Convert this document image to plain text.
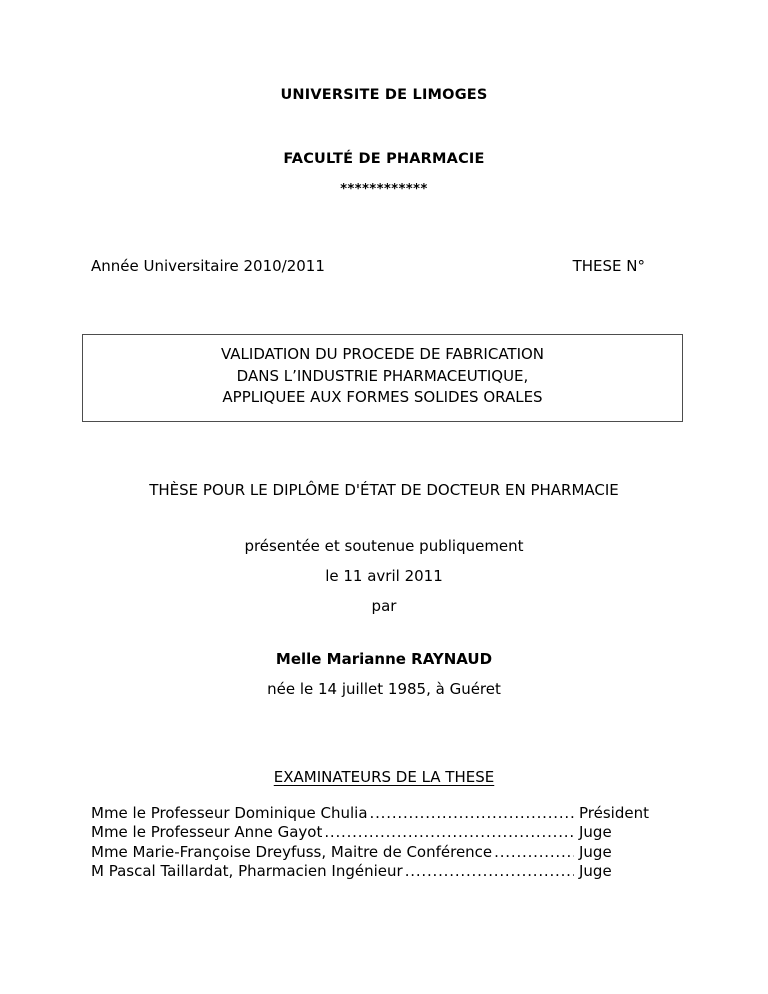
UNIVERSITE DE LIMOGES
FACULTÉ DE PHARMACIE
************
Année Universitaire 2010/2011	THESE N°
VALIDATION DU PROCEDE DE FABRICATION
DANS L’INDUSTRIE PHARMACEUTIQUE,
APPLIQUEE AUX FORMES SOLIDES ORALES
THÈSE POUR LE DIPLÔME D'ÉTAT DE DOCTEUR EN PHARMACIE
présentée et soutenue publiquement
le 11 avril 2011
par
Melle Marianne RAYNAUD
née le 14 juillet 1985, à Guéret
EXAMINATEURS DE LA THESE
Mme le Professeur Dominique Chulia .....	Président
Mme le Professeur Anne Gayot .....	Juge
Mme Marie-Françoise Dreyfuss, Maitre de Conférence .....	Juge
M Pascal Taillardat, Pharmacien Ingénieur .....	Juge
